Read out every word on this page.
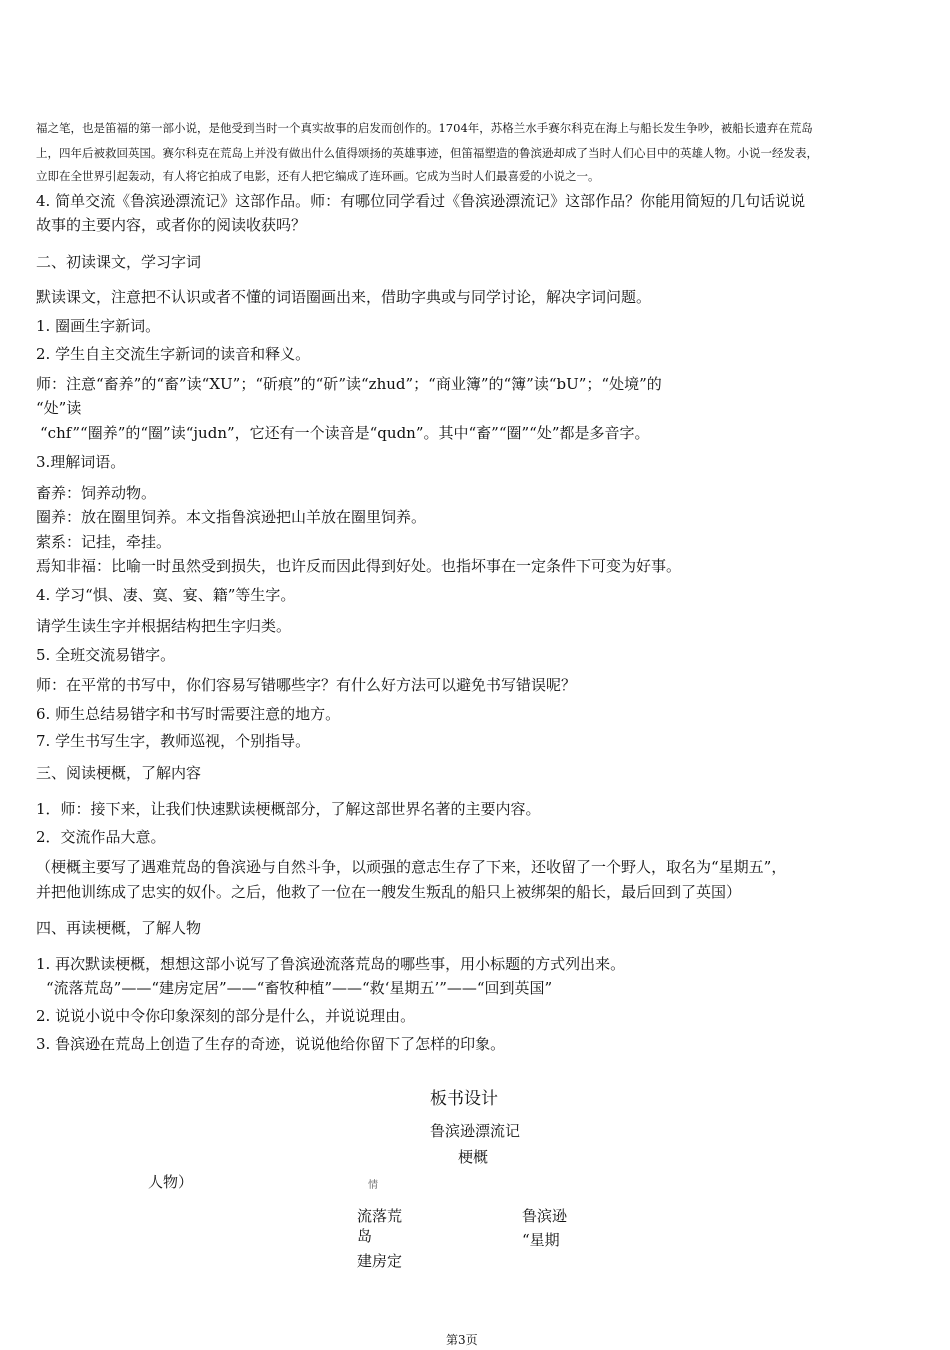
福之笔，也是笛福的第一部小说，是他受到当时一个真实故事的启发而创作的。1704年，苏格兰水手赛尔科克在海上与船长发生争吵，被船长遗弃在荒岛
上，四年后被救回英国。赛尔科克在荒岛上并没有做出什么值得颂扬的英雄事迹，但笛福塑造的鲁滨逊却成了当时人们心目中的英雄人物。小说一经发表，
立即在全世界引起轰动，有人将它拍成了电影，还有人把它编成了连环画。它成为当时人们最喜爱的小说之一。
4. 简单交流《鲁滨逊漂流记》这部作品。师：有哪位同学看过《鲁滨逊漂流记》这部作品？你能用简短的几句话说说
故事的主要内容，或者你的阅读收获吗？
二、初读课文，学习字词
默读课文，注意把不认识或者不懂的词语圈画出来，借助字典或与同学讨论，解决字词问题。
1. 圈画生字新词。
2. 学生自主交流生字新词的读音和释义。
师：注意“畜养”的“畜”读“XU”；“斫痕”的“斫”读“zhud”；“商业簿”的“簿”读“bU”；“处境”的
“处”读
“chf”“圈养”的“圈”读“judn”，它还有一个读音是“qudn”。其中“畜”“圈”“处”都是多音字。
3.理解词语。
畜养：饲养动物。
圈养：放在圈里饲养。本文指鲁滨逊把山羊放在圈里饲养。
萦系：记挂，牵挂。
焉知非福：比喻一时虽然受到损失，也许反而因此得到好处。也指坏事在一定条件下可变为好事。
4. 学习“惧、凄、寞、宴、籍”等生字。
请学生读生字并根据结构把生字归类。
5. 全班交流易错字。
师：在平常的书写中，你们容易写错哪些字？有什么好方法可以避免书写错误呢？
6. 师生总结易错字和书写时需要注意的地方。
7. 学生书写生字，教师巡视，个别指导。
三、阅读梗概，了解内容
1．师：接下来，让我们快速默读梗概部分，了解这部世界名著的主要内容。
2．交流作品大意。
（梗概主要写了遇难荒岛的鲁滨逊与自然斗争，以顽强的意志生存了下来，还收留了一个野人，取名为“星期五”，
并把他训练成了忠实的奴仆。之后，他救了一位在一艘发生叛乱的船只上被绑架的船长，最后回到了英国）
四、再读梗概，了解人物
1. 再次默读梗概，想想这部小说写了鲁滨逊流落荒岛的哪些事，用小标题的方式列出来。
“流落荒岛”——“建房定居”——“畜牧种植”——“救‘星期五’”——“回到英国”
2. 说说小说中令你印象深刻的部分是什么，并说说理由。
3. 鲁滨逊在荒岛上创造了生存的奇迹，说说他给你留下了怎样的印象。
板书设计
鲁滨逊漂流记
梗概
人物）	情
流落荒
岛
建房定
鲁滨逊
“星期
第3页
